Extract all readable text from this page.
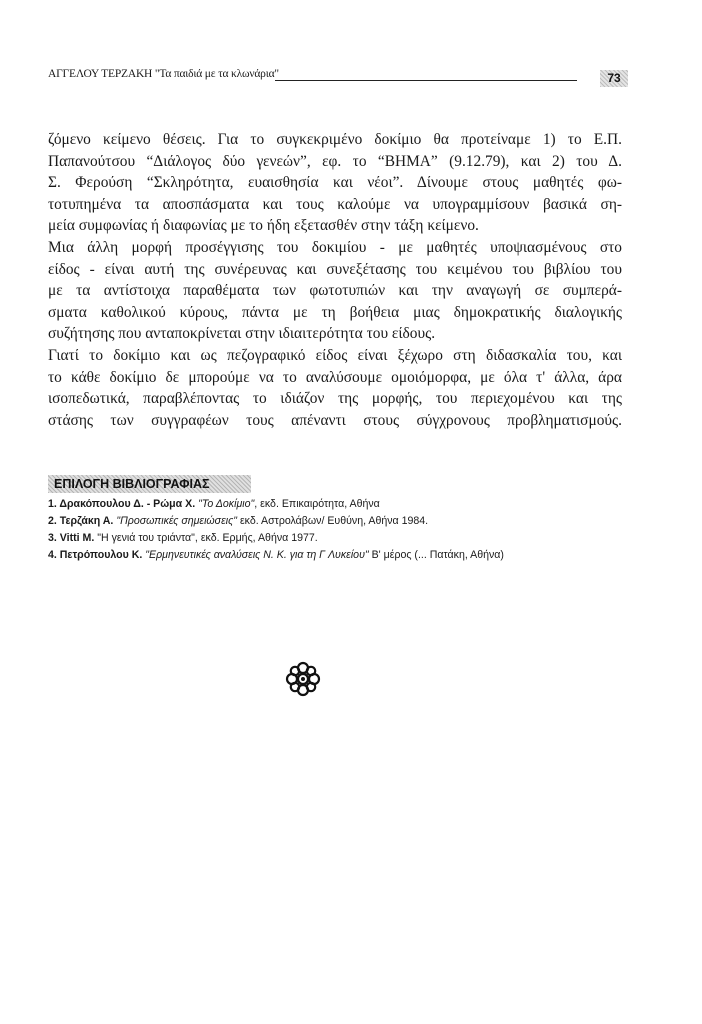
ΑΓΓΕΛΟΥ ΤΕΡΖΑΚΗ "Τα παιδιά με τα κλωνάρια"	73
ζόμενο κείμενο θέσεις. Για το συγκεκριμένο δοκίμιο θα προτείναμε 1) το Ε.Π.
Παπανούτσου “Διάλογος δύο γενεών”, εφ. το “ΒΗΜΑ” (9.12.79), και 2) του Δ.
Σ. Φερούση “Σκληρότητα, ευαισθησία και νέοι”. Δίνουμε στους μαθητές φω-
τοτυπημένα τα αποσπάσματα και τους καλούμε να υπογραμμίσουν βασικά ση-
μεία συμφωνίας ή διαφωνίας με το ήδη εξετασθέν στην τάξη κείμενο.
Μια άλλη μορφή προσέγγισης του δοκιμίου - με μαθητές υποψιασμένους στο
είδος - είναι αυτή της συνέρευνας και συνεξέτασης του κειμένου του βιβλίου του
με τα αντίστοιχα παραθέματα των φωτοτυπιών και την αναγωγή σε συμπερά-
σματα καθολικού κύρους, πάντα με τη βοήθεια μιας δημοκρατικής διαλογικής
συζήτησης που ανταποκρίνεται στην ιδιαιτερότητα του είδους.
Γιατί το δοκίμιο και ως πεζογραφικό είδος είναι ξέχωρο στη διδασκαλία του, και
το κάθε δοκίμιο δε μπορούμε να το αναλύσουμε ομοιόμορφα, με όλα τ' άλλα, άρα
ισοπεδωτικά, παραβλέποντας το ιδιάζον της μορφής, του περιεχομένου και της
στάσης των συγγραφέων τους απέναντι στους σύγχρονους προβληματισμούς.
ΕΠΙΛΟΓΗ ΒΙΒΛΙΟΓΡΑΦΙΑΣ
1. Δρακόπουλου Δ. - Ρώμα Χ. "Το Δοκίμιο", εκδ. Επικαιρότητα, Αθήνα
2. Τερζάκη Α. "Προσωπικές σημειώσεις" εκδ. Αστρολάβων/ Ευθύνη, Αθήνα 1984.
3. Vitti Μ. "Η γενιά του τριάντα", εκδ. Ερμής, Αθήνα 1977.
4. Πετρόπουλου Κ. "Ερμηνευτικές αναλύσεις Ν. Κ. για τη Γ Λυκείου" Β' μέρος (... Πατάκη, Αθήνα)
